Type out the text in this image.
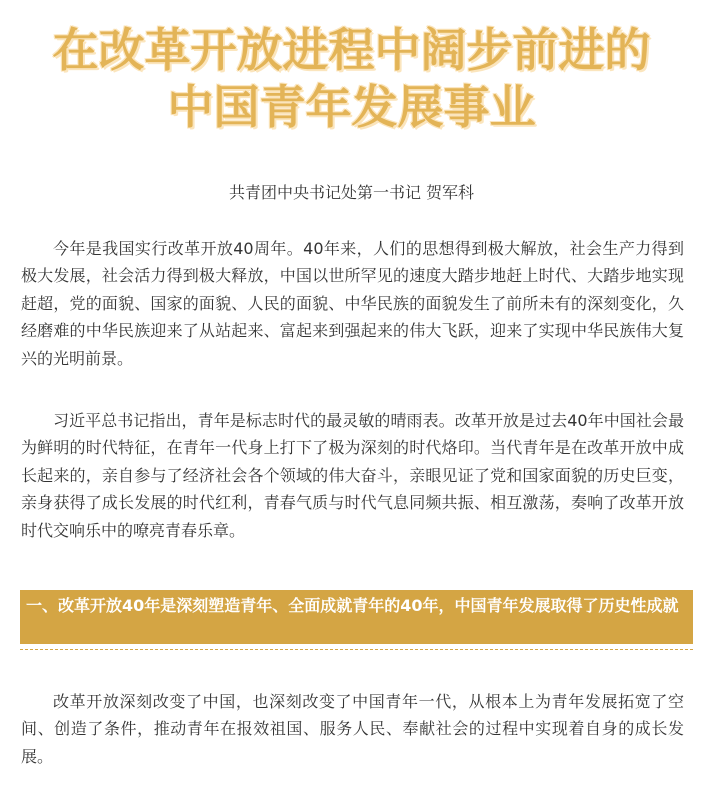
在改革开放进程中阔步前进的
中国青年发展事业
共青团中央书记处第一书记 贺军科

今年是我国实行改革开放40周年。40年来，人们的思想得到极大解放，社会生产力得到极大发展，社会活力得到极大释放，中国以世所罕见的速度大踏步地赶上时代、大踏步地实现赶超，党的面貌、国家的面貌、人民的面貌、中华民族的面貌发生了前所未有的深刻变化，久经磨难的中华民族迎来了从站起来、富起来到强起来的伟大飞跃，迎来了实现中华民族伟大复兴的光明前景。

习近平总书记指出，青年是标志时代的最灵敏的晴雨表。改革开放是过去40年中国社会最为鲜明的时代特征，在青年一代身上打下了极为深刻的时代烙印。当代青年是在改革开放中成长起来的，亲自参与了经济社会各个领域的伟大奋斗，亲眼见证了党和国家面貌的历史巨变，亲身获得了成长发展的时代红利，青春气质与时代气息同频共振、相互激荡，奏响了改革开放时代交响乐中的嘹亮青春乐章。

一、改革开放40年是深刻塑造青年、全面成就青年的40年，中国青年发展取得了历史性成就

改革开放深刻改变了中国，也深刻改变了中国青年一代，从根本上为青年发展拓宽了空间、创造了条件，推动青年在报效祖国、服务人民、奉献社会的过程中实现着自身的成长发展。
